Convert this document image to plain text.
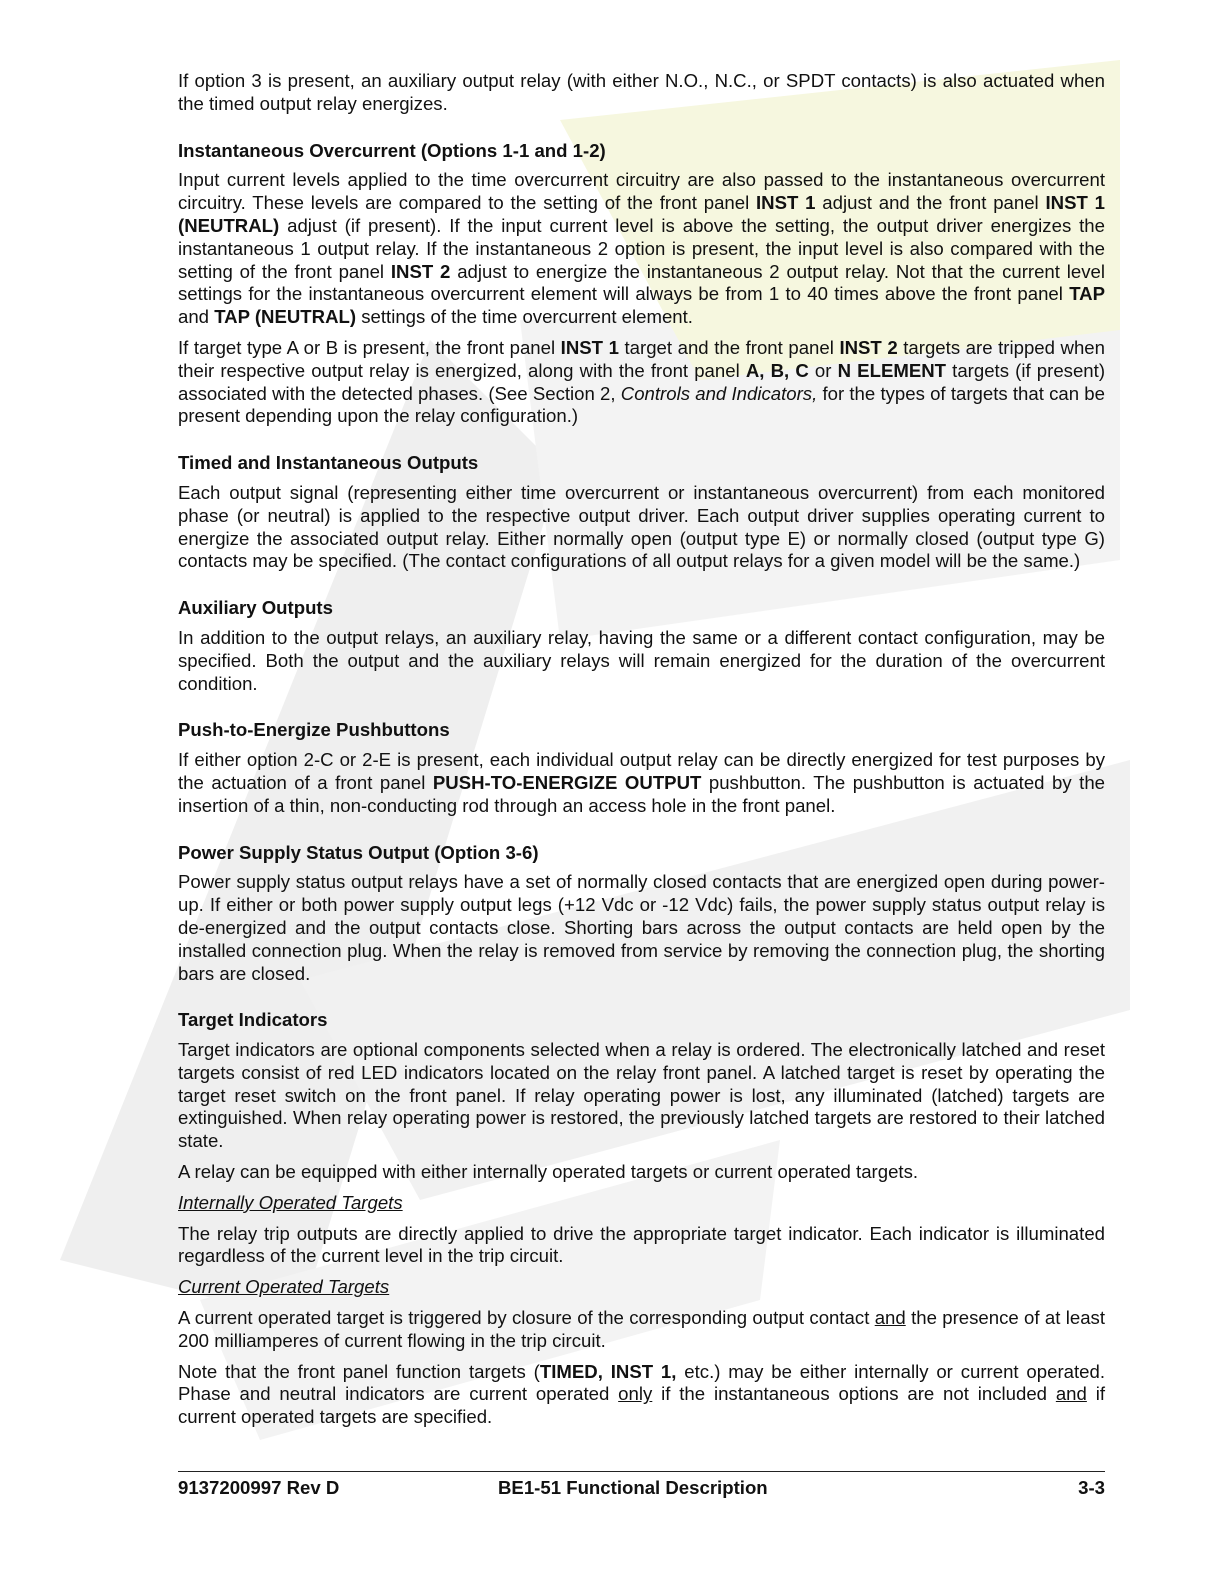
If option 3 is present, an auxiliary output relay (with either N.O., N.C., or SPDT contacts) is also actuated when the timed output relay energizes.

Instantaneous Overcurrent (Options 1-1 and 1-2)

Input current levels applied to the time overcurrent circuitry are also passed to the instantaneous overcurrent circuitry. These levels are compared to the setting of the front panel INST 1 adjust and the front panel INST 1 (NEUTRAL) adjust (if present). If the input current level is above the setting, the output driver energizes the instantaneous 1 output relay. If the instantaneous 2 option is present, the input level is also compared with the setting of the front panel INST 2 adjust to energize the instantaneous 2 output relay. Not that the current level settings for the instantaneous overcurrent element will always be from 1 to 40 times above the front panel TAP and TAP (NEUTRAL) settings of the time overcurrent element.

If target type A or B is present, the front panel INST 1 target and the front panel INST 2 targets are tripped when their respective output relay is energized, along with the front panel A, B, C or N ELEMENT targets (if present) associated with the detected phases. (See Section 2, Controls and Indicators, for the types of targets that can be present depending upon the relay configuration.)

Timed and Instantaneous Outputs

Each output signal (representing either time overcurrent or instantaneous overcurrent) from each monitored phase (or neutral) is applied to the respective output driver. Each output driver supplies operating current to energize the associated output relay. Either normally open (output type E) or normally closed (output type G) contacts may be specified. (The contact configurations of all output relays for a given model will be the same.)

Auxiliary Outputs

In addition to the output relays, an auxiliary relay, having the same or a different contact configuration, may be specified. Both the output and the auxiliary relays will remain energized for the duration of the overcurrent condition.

Push-to-Energize Pushbuttons

If either option 2-C or 2-E is present, each individual output relay can be directly energized for test purposes by the actuation of a front panel PUSH-TO-ENERGIZE OUTPUT pushbutton. The pushbutton is actuated by the insertion of a thin, non-conducting rod through an access hole in the front panel.

Power Supply Status Output (Option 3-6)

Power supply status output relays have a set of normally closed contacts that are energized open during power-up. If either or both power supply output legs (+12 Vdc or -12 Vdc) fails, the power supply status output relay is de-energized and the output contacts close. Shorting bars across the output contacts are held open by the installed connection plug. When the relay is removed from service by removing the connection plug, the shorting bars are closed.

Target Indicators

Target indicators are optional components selected when a relay is ordered. The electronically latched and reset targets consist of red LED indicators located on the relay front panel. A latched target is reset by operating the target reset switch on the front panel. If relay operating power is lost, any illuminated (latched) targets are extinguished. When relay operating power is restored, the previously latched targets are restored to their latched state.

A relay can be equipped with either internally operated targets or current operated targets.

Internally Operated Targets

The relay trip outputs are directly applied to drive the appropriate target indicator. Each indicator is illuminated regardless of the current level in the trip circuit.

Current Operated Targets

A current operated target is triggered by closure of the corresponding output contact and the presence of at least 200 milliamperes of current flowing in the trip circuit.

Note that the front panel function targets (TIMED, INST 1, etc.) may be either internally or current operated. Phase and neutral indicators are current operated only if the instantaneous options are not included and if current operated targets are specified.

9137200997 Rev D	BE1-51 Functional Description	3-3
